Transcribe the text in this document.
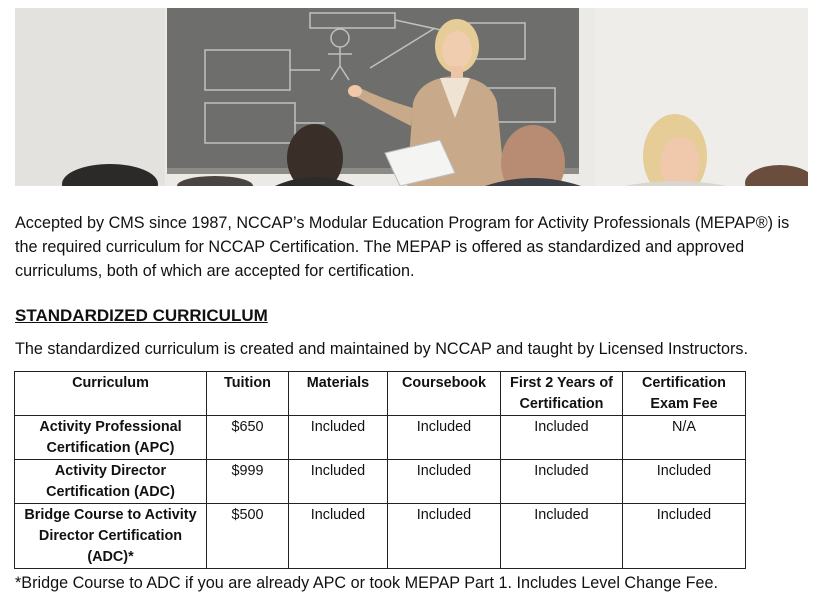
Accepted by CMS since 1987, NCCAP’s Modular Education Program for Activity Professionals (MEPAP®) is the required curriculum for NCCAP Certification. The MEPAP is offered as standardized and approved curriculums, both of which are accepted for certification.

STANDARDIZED CURRICULUM

The standardized curriculum is created and maintained by NCCAP and taught by Licensed Instructors.

Curriculum	Tuition	Materials	Coursebook	First 2 Years of Certification	Certification Exam Fee
Activity Professional Certification (APC)	$650	Included	Included	Included	N/A
Activity Director Certification (ADC)	$999	Included	Included	Included	Included
Bridge Course to Activity Director Certification (ADC)*	$500	Included	Included	Included	Included

*Bridge Course to ADC if you are already APC or took MEPAP Part 1. Includes Level Change Fee.
